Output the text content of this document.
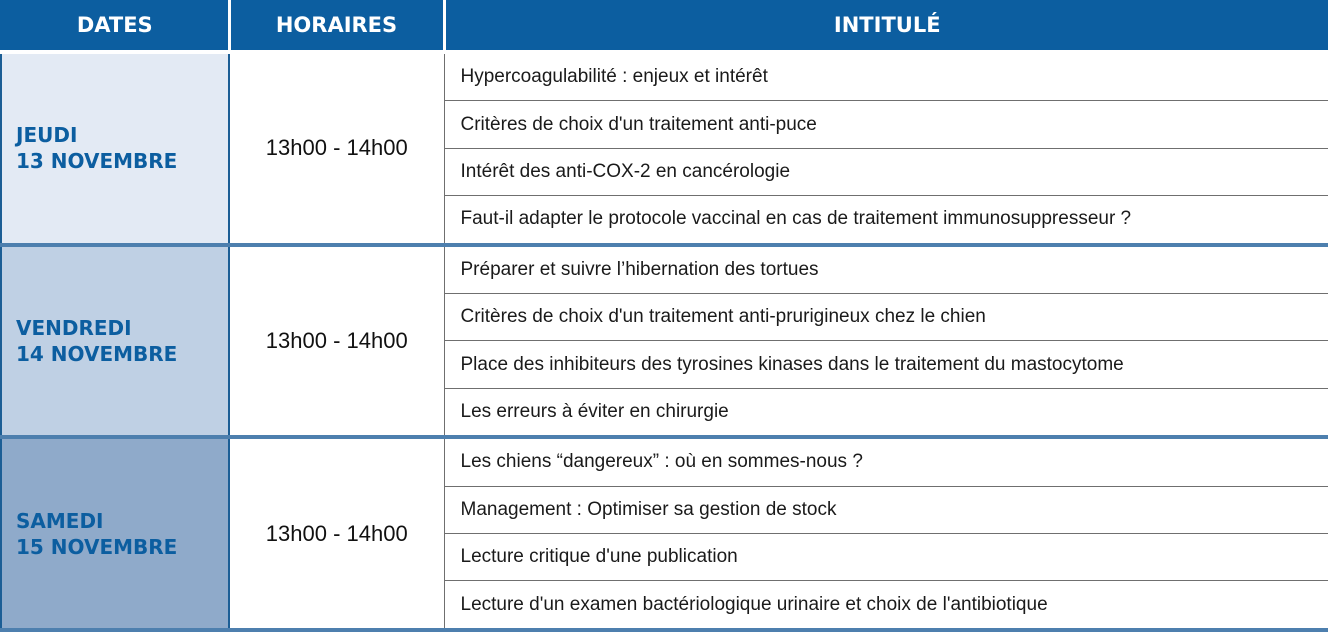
DATES	HORAIRES	INTITULÉ

JEUDI
13 NOVEMBRE	13h00 - 14h00	Hypercoagulabilité : enjeux et intérêt
		Critères de choix d'un traitement anti-puce
		Intérêt des anti-COX-2 en cancérologie
		Faut-il adapter le protocole vaccinal en cas de traitement immunosuppresseur ?

VENDREDI
14 NOVEMBRE	13h00 - 14h00	Préparer et suivre l’hibernation des tortues
		Critères de choix d'un traitement anti-prurigineux chez le chien
		Place des inhibiteurs des tyrosines kinases dans le traitement du mastocytome
		Les erreurs à éviter en chirurgie

SAMEDI
15 NOVEMBRE	13h00 - 14h00	Les chiens “dangereux” : où en sommes-nous ?
		Management : Optimiser sa gestion de stock
		Lecture critique d'une publication
		Lecture d'un examen bactériologique urinaire et choix de l'antibiotique
